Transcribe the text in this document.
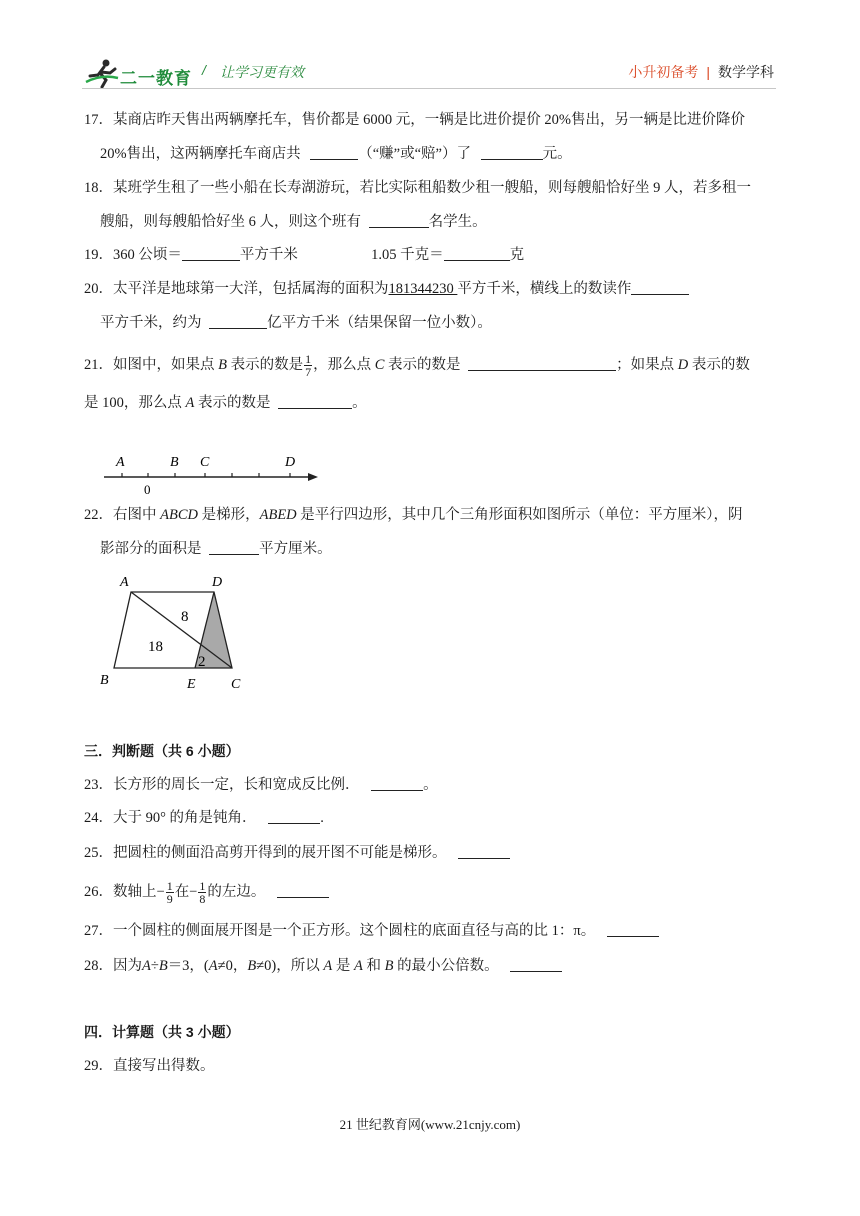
二一教育 / 让学习更有效	小升初备考 | 数学学科
17．某商店昨天售出两辆摩托车，售价都是 6000 元，一辆是比进价提价 20%售出，另一辆是比进价降价
20%售出，这两辆摩托车商店共	（“赚”或“赔”）了	元。
18．某班学生租了一些小船在长寿湖游玩，若比实际租船数少租一艘船，则每艘船恰好坐 9 人，若多租一
艘船，则每艘船恰好坐 6 人，则这个班有	名学生。
19．360 公顷＝	平方千米	1.05 千克＝	克
20．太平洋是地球第一大洋，包括属海的面积为181344230 平方千米，横线上的数读作
平方千米，约为	亿平方千米（结果保留一位小数）。
21．如图中，如果点 B 表示的数是 $\frac{1}{7}$ ，那么点 C 表示的数是	；如果点 D 表示的数
是 100，那么点 A 表示的数是	。
A	B C	D
0
22．右图中 ABCD 是梯形，ABED 是平行四边形，其中几个三角形面积如图所示（单位：平方厘米），阴
影部分的面积是	平方厘米。
A	D
B	E	C
8
18
2
三．判断题（共 6 小题）
23．长方形的周长一定，长和宽成反比例．	。
24．大于 90° 的角是钝角．	.
25．把圆柱的侧面沿高剪开得到的展开图不可能是梯形。
26．数轴上− $\frac{1}{9}$ 在− $\frac{1}{8}$ 的左边。
27．一个圆柱的侧面展开图是一个正方形。这个圆柱的底面直径与高的比 1：π。
28．因为A÷B＝3，(A≠0，B≠0)，所以 A 是 A 和 B 的最小公倍数。
四．计算题（共 3 小题）
29．直接写出得数。
21 世纪教育网(www.21cnjy.com)
